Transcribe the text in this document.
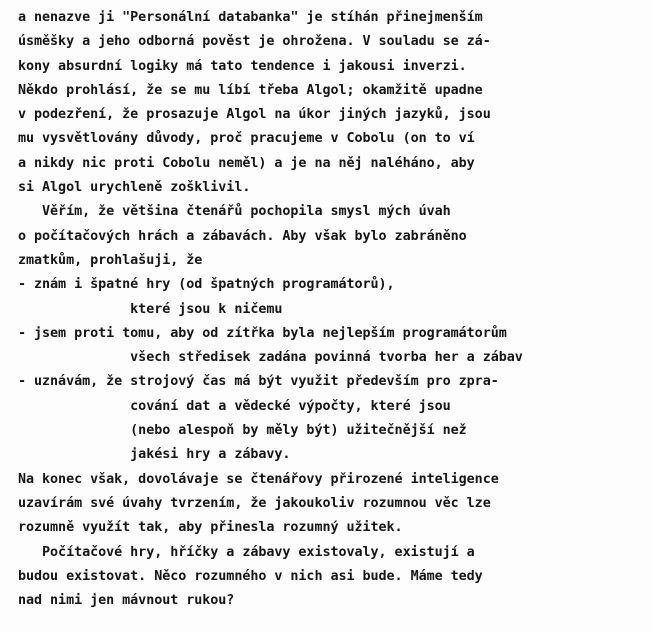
a nenazve ji "Personální databanka" je stíhán přinejmenším
úsměšky a jeho odborná pověst je ohrožena. V souladu se zá-
kony absurdní logiky má tato tendence i jakousi inverzi.
Někdo prohlásí, že se mu líbí třeba Algol; okamžitě upadne
v podezření, že prosazuje Algol na úkor jiných jazyků, jsou
mu vysvětlovány důvody, proč pracujeme v Cobolu (on to ví
a nikdy nic proti Cobolu neměl) a je na něj naléháno, aby
si Algol urychleně zošklivil.
Věřím, že většina čtenářů pochopila smysl mých úvah
o počítačových hrách a zábavách. Aby však bylo zabráněno
zmatkům, prohlašuji, že
- znám i špatné hry (od špatných programátorů),
které jsou k ničemu
- jsem proti tomu, aby od zítřka byla nejlepším programátorům
všech středisek zadána povinná tvorba her a zábav
- uznávám, že strojový čas má být využit především pro zpra-
cování dat a vědecké výpočty, které jsou
(nebo alespoň by měly být) užitečnější než
jakési hry a zábavy.
Na konec však, dovolávaje se čtenářovy přirozené inteligence
uzavírám své úvahy tvrzením, že jakoukoliv rozumnou věc lze
rozumně využít tak, aby přinesla rozumný užitek.
Počítačové hry, hříčky a zábavy existovaly, existují a
budou existovat. Něco rozumného v nich asi bude. Máme tedy
nad nimi jen mávnout rukou?
